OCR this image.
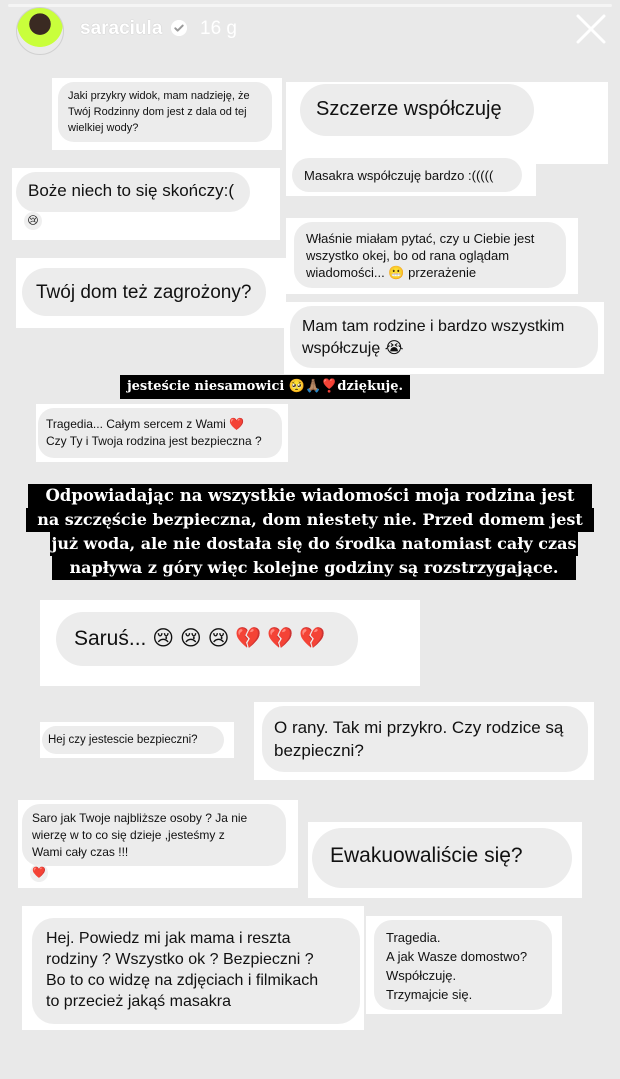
saraciula 16 g
Jaki przykry widok, mam nadzieję, że
Twój Rodzinny dom jest z dala od tej
wielkiej wody?
Szczerze współczuję
Masakra współczuję bardzo :(((((
Boże niech to się skończy:(
😢
Właśnie miałam pytać, czy u Ciebie jest
wszystko okej, bo od rana oglądam
wiadomości... 😬 przerażenie
Twój dom też zagrożony?
Mam tam rodzine i bardzo wszystkim
współczuję 😭
jesteście niesamowici 🥺🙏🏽❣️dziękuję.
Tragedia... Całym sercem z Wami ❤️
Czy Ty i Twoja rodzina jest bezpieczna ?
Odpowiadając na wszystkie wiadomości moja rodzina jest
na szczęście bezpieczna, dom niestety nie. Przed domem jest
już woda, ale nie dostała się do środka natomiast cały czas
napływa z góry więc kolejne godziny są rozstrzygające.
Saruś... 😢 😢 😢 💔 💔 💔
Hej czy jestescie bezpieczni?
O rany. Tak mi przykro. Czy rodzice są
bezpieczni?
Saro jak Twoje najbliższe osoby ? Ja nie
wierzę w to co się dzieje ,jesteśmy z
Wami cały czas !!!
❤️
Ewakuowaliście się?
Hej. Powiedz mi jak mama i reszta
rodziny ? Wszystko ok ? Bezpieczni ?
Bo to co widzę na zdjęciach i filmikach
to przecież jakąś masakra
Tragedia.
A jak Wasze domostwo?
Współczuję.
Trzymajcie się.
